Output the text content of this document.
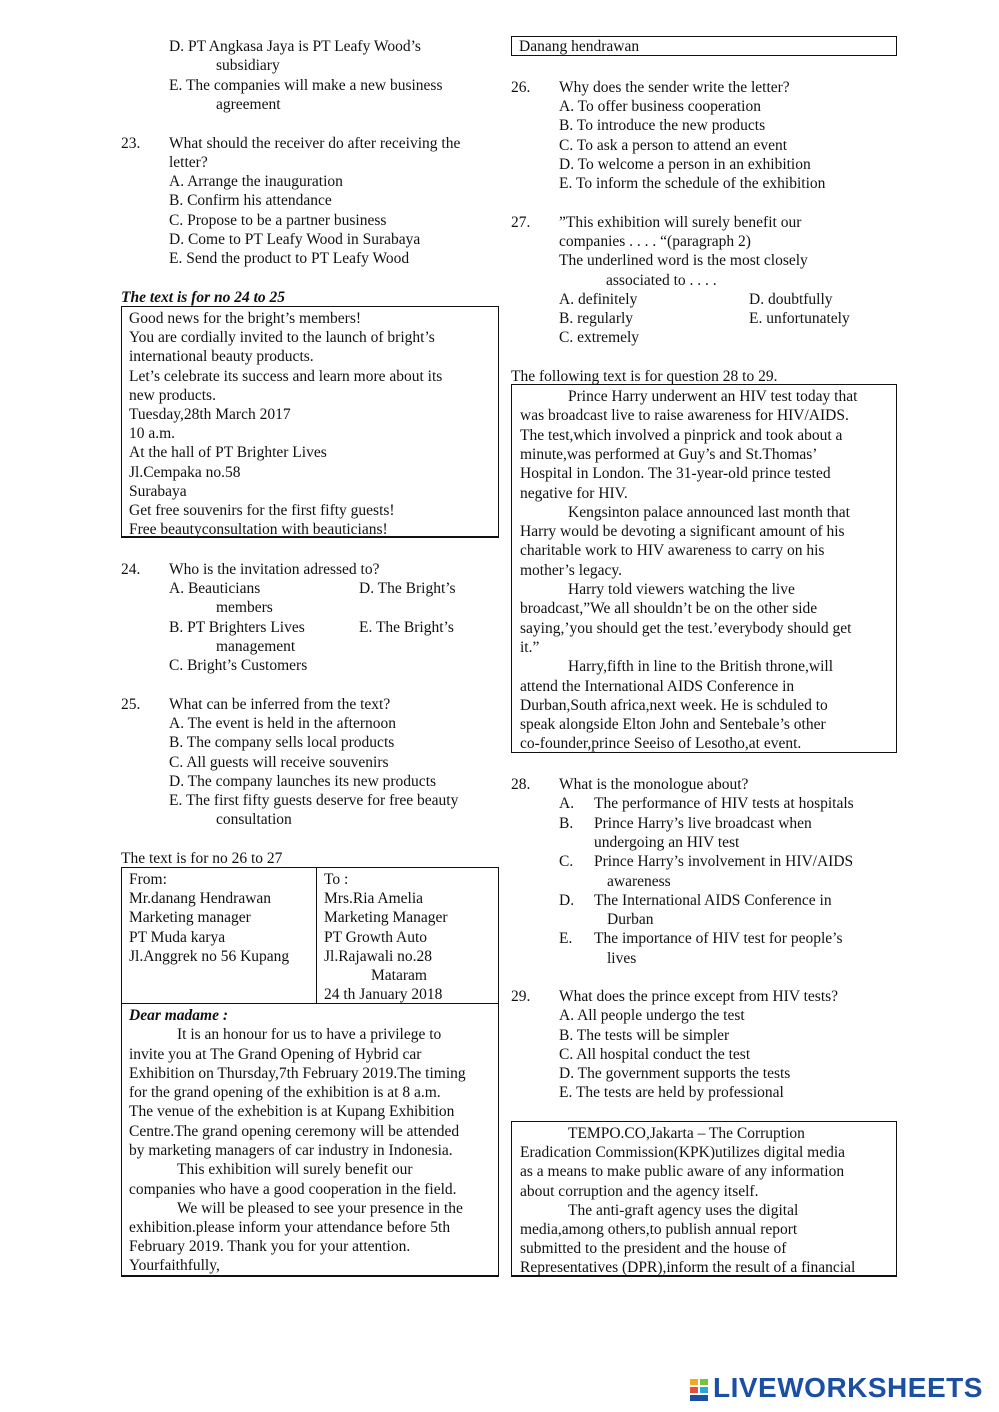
D. PT Angkasa Jaya is PT Leafy Wood’s
subsidiary
E. The companies will make a new business
agreement
23. What should the receiver do after receiving the
letter?
A. Arrange the inauguration
B. Confirm his attendance
C. Propose to be a partner business
D. Come to PT Leafy Wood in Surabaya
E. Send the product to PT Leafy Wood
The text is for no 24 to 25
Good news for the bright’s members!
You are cordially invited to the launch of bright’s
international beauty products.
Let’s celebrate its success and learn more about its
new products.
Tuesday,28th March 2017
10 a.m.
At the hall of PT Brighter Lives
Jl.Cempaka no.58
Surabaya
Get free souvenirs for the first fifty guests!
Free beautyconsultation with beauticians!
24. Who is the invitation adressed to?
A. Beauticians	D. The Bright’s
members
B. PT Brighters Lives	E. The Bright’s
management
C. Bright’s Customers
25. What can be inferred from the text?
A. The event is held in the afternoon
B. The company sells local products
C. All guests will receive souvenirs
D. The company launches its new products
E. The first fifty guests deserve for free beauty
consultation
The text is for no 26 to 27
From:
Mr.danang Hendrawan
Marketing manager
PT Muda karya
Jl.Anggrek no 56 Kupang
To :
Mrs.Ria Amelia
Marketing Manager
PT Growth Auto
Jl.Rajawali no.28
Mataram
24 th January 2018
Dear madame :
It is an honour for us to have a privilege to
invite you at The Grand Opening of Hybrid car
Exhibition on Thursday,7th February 2019.The timing
for the grand opening of the exhibition is at 8 a.m.
The venue of the exhebition is at Kupang Exhibition
Centre.The grand opening ceremony will be attended
by marketing managers of car industry in Indonesia.
This exhibition will surely benefit our
companies who have a good cooperation in the field.
We will be pleased to see your presence in the
exhibition.please inform your attendance before 5th
February 2019. Thank you for your attention.
Yourfaithfully,
Danang hendrawan
26. Why does the sender write the letter?
A. To offer business cooperation
B. To introduce the new products
C. To ask a person to attend an event
D. To welcome a person in an exhibition
E. To inform the schedule of the exhibition
27. ”This exhibition will surely benefit our
companies . . . . “(paragraph 2)
The underlined word is the most closely
associated to . . . .
A. definitely	D. doubtfully
B. regularly	E. unfortunately
C. extremely
The following text is for question 28 to 29.
Prince Harry underwent an HIV test today that
was broadcast live to raise awareness for HIV/AIDS.
The test,which involved a pinprick and took about a
minute,was performed at Guy’s and St.Thomas’
Hospital in London. The 31-year-old prince tested
negative for HIV.
Kengsinton palace announced last month that
Harry would be devoting a significant amount of his
charitable work to HIV awareness to carry on his
mother’s legacy.
Harry told viewers watching the live
broadcast,”We all shouldn’t be on the other side
saying,’you should get the test.’everybody should get
it.”
Harry,fifth in line to the British throne,will
attend the International AIDS Conference in
Durban,South africa,next week. He is schduled to
speak alongside Elton John and Sentebale’s other
co-founder,prince Seeiso of Lesotho,at event.
28. What is the monologue about?
A. The performance of HIV tests at hospitals
B. Prince Harry’s live broadcast when
undergoing an HIV test
C. Prince Harry’s involvement in HIV/AIDS
awareness
D. The International AIDS Conference in
Durban
E. The importance of HIV test for people’s
lives
29. What does the prince except from HIV tests?
A. All people undergo the test
B. The tests will be simpler
C. All hospital conduct the test
D. The government supports the tests
E. The tests are held by professional
TEMPO.CO,Jakarta – The Corruption
Eradication Commission(KPK)utilizes digital media
as a means to make public aware of any information
about corruption and the agency itself.
The anti-graft agency uses the digital
media,among others,to publish annual report
submitted to the president and the house of
Representatives (DPR),inform the result of a financial
LIVEWORKSHEETS
